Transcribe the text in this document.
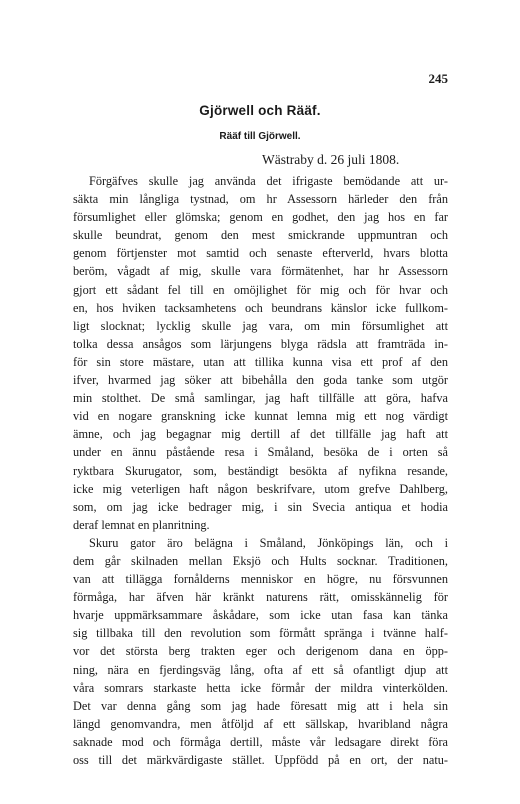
245
Gjörwell och Rääf.
Rääf till Gjörwell.
Wästraby d. 26 juli 1808.
Förgäfves skulle jag använda det ifrigaste bemödande att ur-
säkta min långliga tystnad, om hr Assessorn härleder den från
försumlighet eller glömska; genom en godhet, den jag hos en far
skulle beundrat, genom den mest smickrande uppmuntran och
genom förtjenster mot samtid och senaste efterverld, hvars blotta
beröm, vågadt af mig, skulle vara förmätenhet, har hr Assessorn
gjort ett sådant fel till en omöjlighet för mig och för hvar och
en, hos hviken tacksamhetens och beundrans känslor icke fullkom-
ligt slocknat; lycklig skulle jag vara, om min försumlighet att
tolka dessa ansågos som lärjungens blyga rädsla att framträda in-
för sin store mästare, utan att tillika kunna visa ett prof af den
ifver, hvarmed jag söker att bibehålla den goda tanke som utgör
min stolthet. De små samlingar, jag haft tillfälle att göra, hafva
vid en nogare granskning icke kunnat lemna mig ett nog värdigt
ämne, och jag begagnar mig dertill af det tillfälle jag haft att
under en ännu påstående resa i Småland, besöka de i orten så
ryktbara Skurugator, som, beständigt besökta af nyfikna resande,
icke mig veterligen haft någon beskrifvare, utom grefve Dahlberg,
som, om jag icke bedrager mig, i sin Svecia antiqua et hodia
deraf lemnat en planritning.
Skuru gator äro belägna i Småland, Jönköpings län, och i
dem går skilnaden mellan Eksjö och Hults socknar. Traditionen,
van att tillägga fornålderns menniskor en högre, nu försvunnen
förmåga, har äfven här kränkt naturens rätt, omisskännelig för
hvarje uppmärksammare åskådare, som icke utan fasa kan tänka
sig tillbaka till den revolution som förmått spränga i tvänne half-
vor det största berg trakten eger och derigenom dana en öpp-
ning, nära en fjerdingsväg lång, ofta af ett så ofantligt djup att
våra somrars starkaste hetta icke förmår der mildra vinterkölden.
Det var denna gång som jag hade föresatt mig att i hela sin
längd genomvandra, men åtföljd af ett sällskap, hvaribland några
saknade mod och förmåga dertill, måste vår ledsagare direkt föra
oss till det märkvärdigaste stället. Uppfödd på en ort, der natu-
